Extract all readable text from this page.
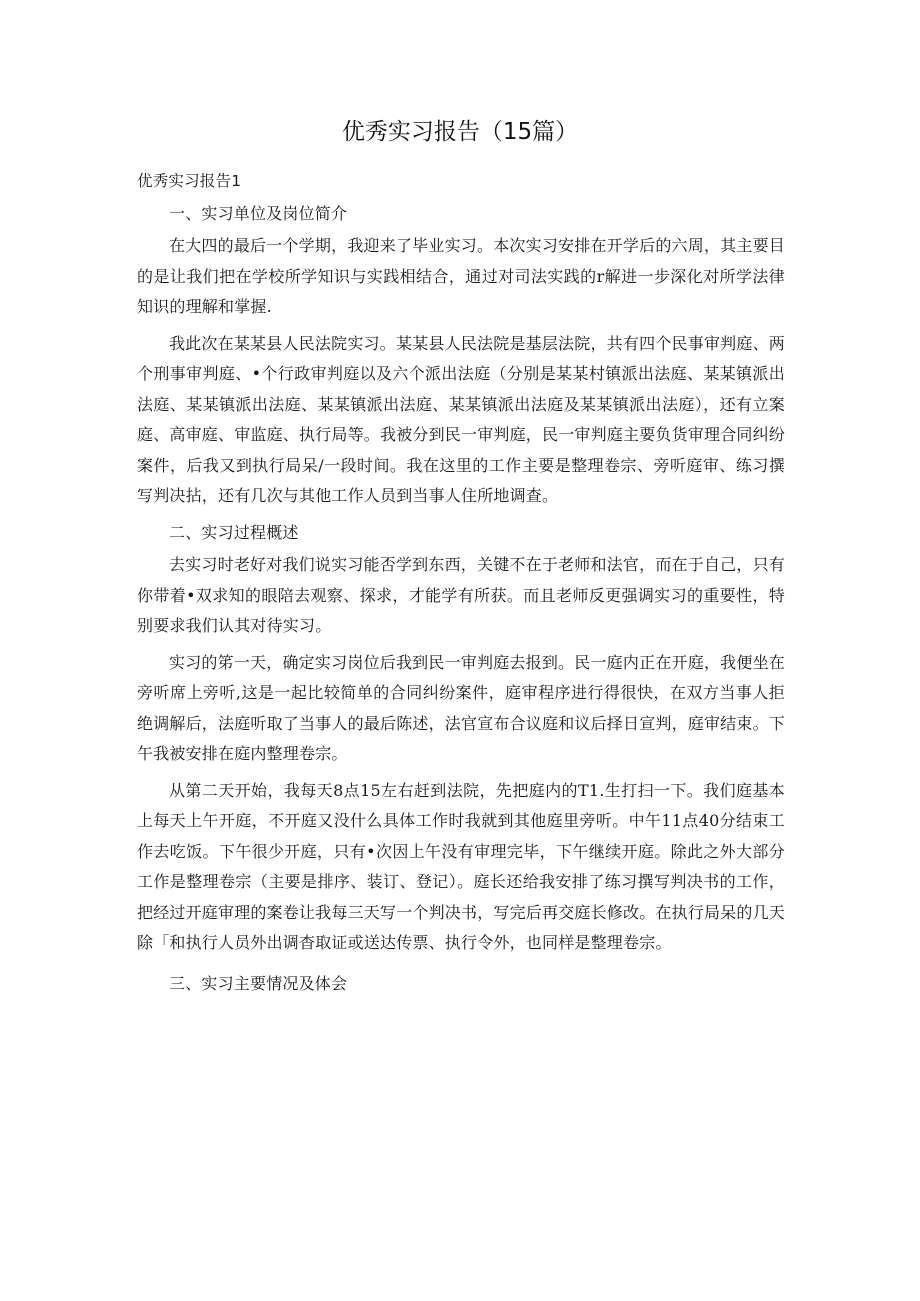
优秀实习报告（15篇）

优秀实习报告1

一、实习单位及岗位简介

在大四的最后一个学期，我迎来了毕业实习。本次实习安排在开学后的六周，其主要目的是让我们把在学校所学知识与实践相结合，通过对司法实践的r解进一步深化对所学法律知识的理解和掌握.

我此次在某某县人民法院实习。某某县人民法院是基层法院，共有四个民事审判庭、两个刑事审判庭、•个行政审判庭以及六个派出法庭（分别是某某村镇派出法庭、某某镇派出法庭、某某镇派出法庭、某某镇派出法庭、某某镇派出法庭及某某镇派出法庭），还有立案庭、高审庭、审监庭、执行局等。我被分到民一审判庭，民一审判庭主要负货审理合同纠纷案件，后我又到执行局呆/一段时间。我在这里的工作主要是整理卷宗、旁听庭审、练习撰写判决拈，还有几次与其他工作人员到当事人住所地调查。

二、实习过程概述

去实习时老好对我们说实习能否学到东西，关键不在于老师和法官，而在于自己，只有你带着•双求知的眼陪去观察、探求，才能学有所获。而且老师反更强调实习的重要性，特别要求我们认其对待实习。

实习的笫一天，确定实习岗位后我到民一审判庭去报到。民一庭内正在开庭，我便坐在旁听席上旁听,这是一起比较简单的合同纠纷案件，庭审程序进行得很快，在双方当事人拒绝调解后，法庭听取了当事人的最后陈述，法官宣布合议庭和议后择日宣判，庭审结束。下午我被安排在庭内整理卷宗。

从第二天开始，我每天8点15左右赶到法院，先把庭内的T1.生打扫一下。我们庭基本上每天上午开庭，不开庭又没什么具体工作时我就到其他庭里旁听。中午11点40分结束工作去吃饭。下午很少开庭，只有•次因上午没有审理完毕，下午继续开庭。除此之外大部分工作是整理卷宗（主要是排序、装订、登记）。庭长还给我安排了练习撰写判决书的工作，把经过开庭审理的案卷让我每三天写一个判决书，写完后再交庭长修改。在执行局呆的几天除「和执行人员外出调杳取证或送达传票、执行令外，也同样是整理卷宗。

三、实习主要情况及体会
